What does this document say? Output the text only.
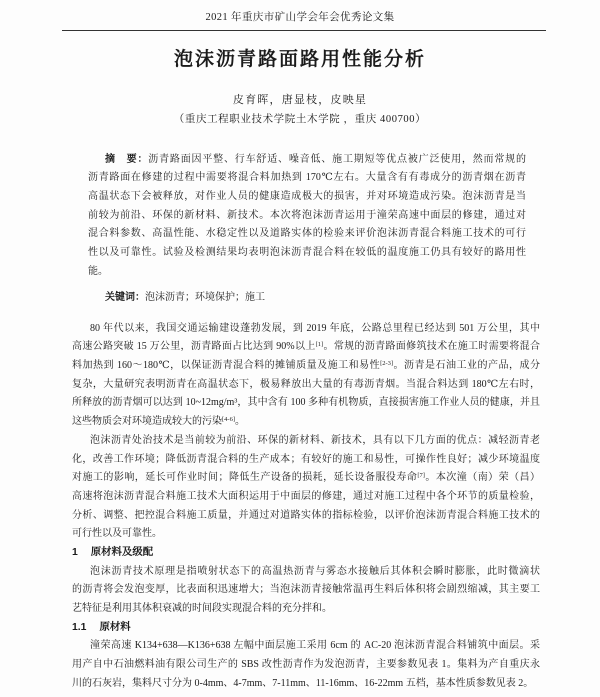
2021 年重庆市矿山学会年会优秀论文集
泡沫沥青路面路用性能分析
皮育晖，唐显枝，皮映星
（重庆工程职业技术学院土木学院 ，重庆 400700）
摘　要：沥青路面因平整、行车舒适、噪音低、施工期短等优点被广泛使用，然而常规的
沥青路面在修建的过程中需要将混合料加热到 170℃左右。大量含有有毒成分的沥青烟在沥青
高温状态下会被释放，对作业人员的健康造成极大的损害，并对环境造成污染。泡沫沥青是当
前较为前沿、环保的新材料、新技术。本次将泡沫沥青运用于潼荣高速中面层的修建，通过对
混合料参数、高温性能、水稳定性以及道路实体的检验来评价泡沫沥青混合料施工技术的可行
性以及可靠性。试验及检测结果均表明泡沫沥青混合料在较低的温度施工仍具有较好的路用性
能。
关键词：泡沫沥青；环境保护；施工
80 年代以来，我国交通运输建设蓬勃发展，到 2019 年底，公路总里程已经达到 501 万公里，其中
高速公路突破 15 万公里，沥青路面占比达到 90%以上[1]。常规的沥青路面修筑技术在施工时需要将混合
料加热到 160～180℃，以保证沥青混合料的摊铺质量及施工和易性[2-3]。沥青是石油工业的产品，成分
复杂，大量研究表明沥青在高温状态下，极易释放出大量的有毒沥青烟。当混合料达到 180℃左右时，
所释放的沥青烟可以达到 10~12mg/m³，其中含有 100 多种有机物质，直接损害施工作业人员的健康，并且
这些物质会对环境造成较大的污染[4-6]。
泡沫沥青处治技术是当前较为前沿、环保的新材料、新技术，具有以下几方面的优点：减轻沥青老
化，改善工作环境；降低沥青混合料的生产成本；有较好的施工和易性，可操作性良好；减少环境温度
对施工的影响，延长可作业时间；降低生产设备的损耗，延长设备服役寿命[7]。本次潼（南）荣（昌）
高速将泡沫沥青混合料施工技术大面积运用于中面层的修建，通过对施工过程中各个环节的质量检验，
分析、调整、把控混合料施工质量，并通过对道路实体的指标检验，以评价泡沫沥青混合料施工技术的
可行性以及可靠性。
1 原材料及级配
泡沫沥青技术原理是指喷射状态下的高温热沥青与雾态水接触后其体积会瞬时膨胀，此时微滴状
的沥青将会发泡变厚，比表面积迅速增大；当泡沫沥青接触常温再生料后体积将会剧烈缩减，其主要工
艺特征是利用其体积衰减的时间段实现混合料的充分拌和。
1.1 原材料
潼荣高速 K134+638—K136+638 左幅中面层施工采用 6cm 的 AC-20 泡沫沥青混合料铺筑中面层。采
用产自中石油燃料油有限公司生产的 SBS 改性沥青作为发泡沥青，主要参数见表 1。集料为产自重庆永
川的石灰岩，集料尺寸分为 0-4mm、4-7mm、7-11mm、11-16mm、16-22mm 五档，基本性质参数见表 2。
